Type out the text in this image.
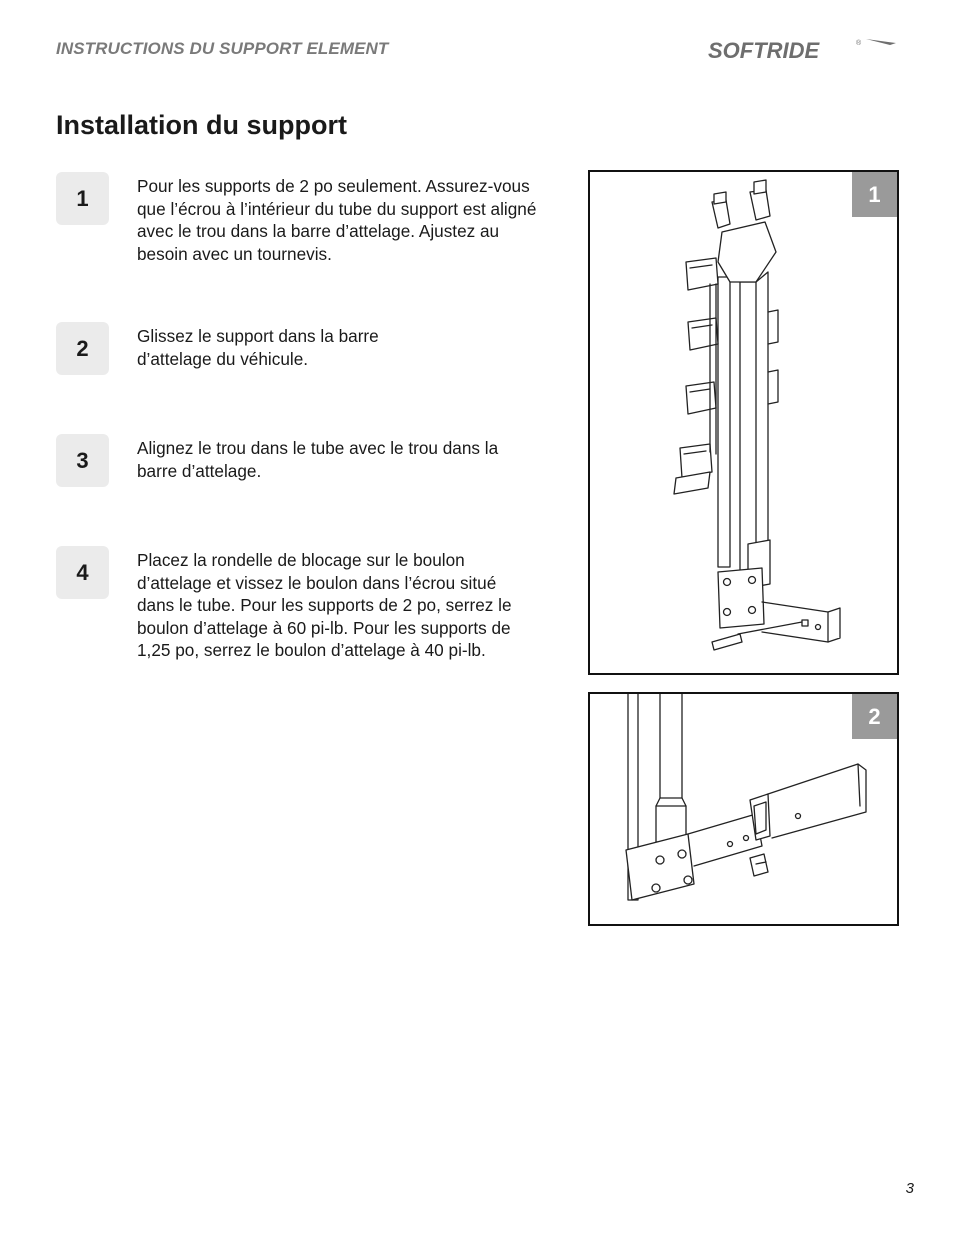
INSTRUCTIONS DU SUPPORT ELEMENT	SOFTRIDE	®
Installation du support
1	Pour les supports de 2 po seulement. Assurez-vous que l’écrou à l’intérieur du tube du support est aligné avec le trou dans la barre d’attelage. Ajustez au besoin avec un tournevis.

2	Glissez le support dans la barre d’attelage du véhicule.

3	Alignez le trou dans le tube avec le trou dans la barre d’attelage.

4	Placez la rondelle de blocage sur le boulon d’attelage et vissez le boulon dans l’écrou situé dans le tube. Pour les supports de 2 po, serrez le boulon d’attelage à 60 pi-lb. Pour les supports de 1,25 po, serrez le boulon d’attelage à 40 pi-lb.

1
2
3
